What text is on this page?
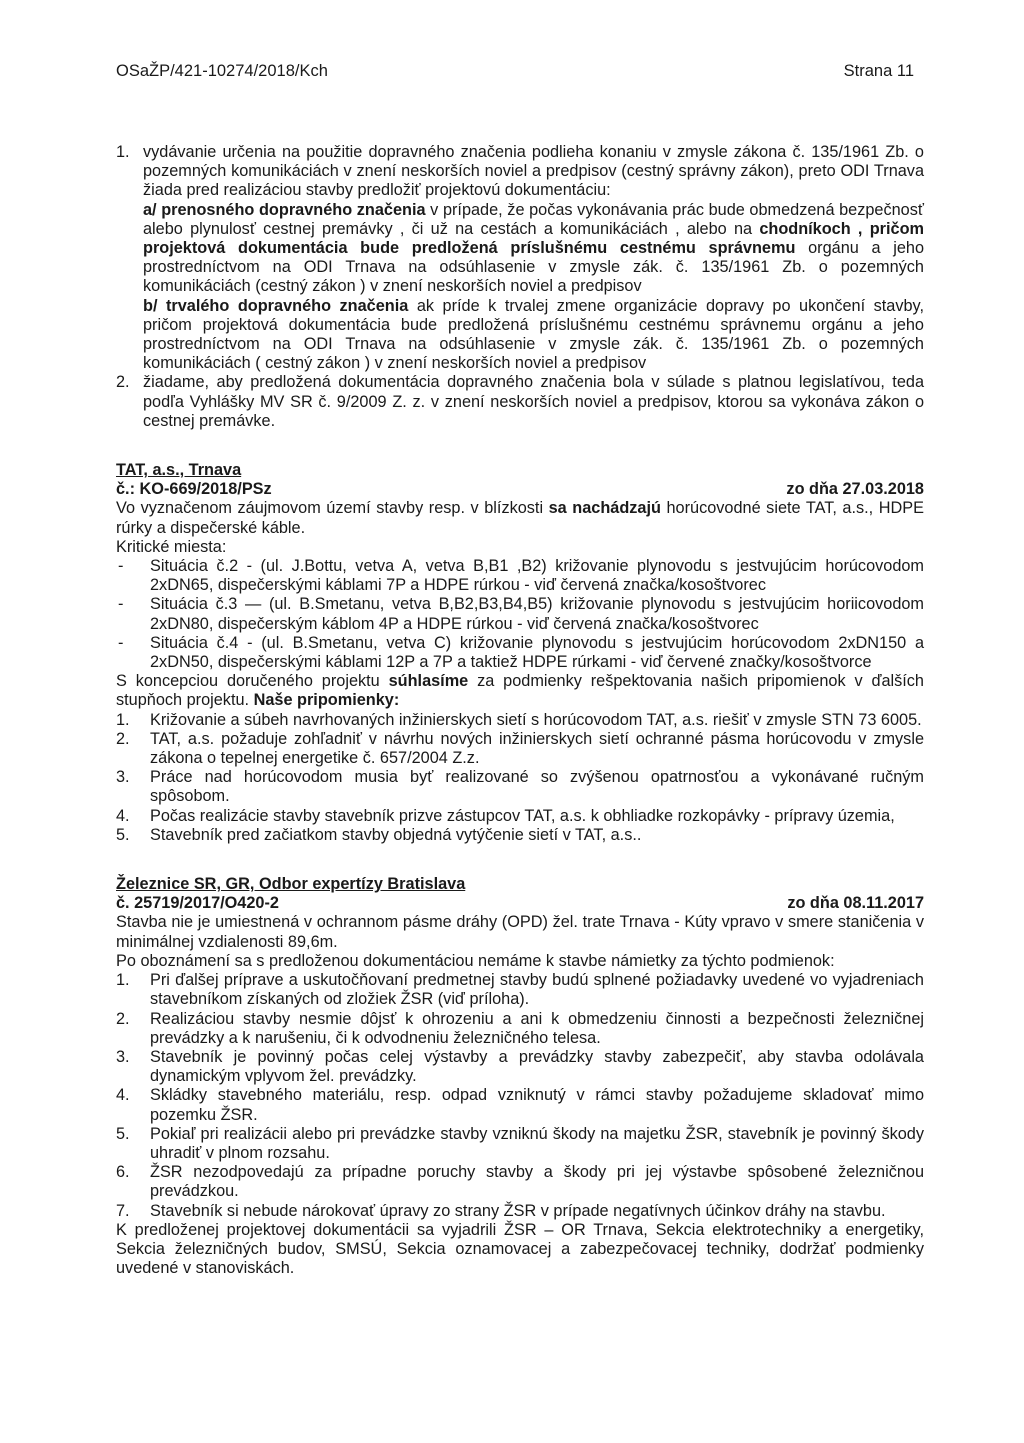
OSaŽP/421-10274/2018/Kch	Strana 11
1. vydávanie určenia na použitie dopravného značenia podlieha konaniu v zmysle zákona č. 135/1961 Zb. o pozemných komunikáciách v znení neskorších noviel a predpisov (cestný správny zákon), preto ODI Trnava žiada pred realizáciou stavby predložiť projektovú dokumentáciu:
a/ prenosného dopravného značenia v prípade, že počas vykonávania prác bude obmedzená bezpečnosť alebo plynulosť cestnej premávky , či už na cestách a komunikáciách , alebo na chodníkoch , pričom projektová dokumentácia bude predložená príslušnému cestnému správnemu orgánu a jeho prostredníctvom na ODI Trnava na odsúhlasenie v zmysle zák. č. 135/1961 Zb. o pozemných komunikáciách (cestný zákon ) v znení neskorších noviel a predpisov
b/ trvalého dopravného značenia ak príde k trvalej zmene organizácie dopravy po ukončení stavby, pričom projektová dokumentácia bude predložená príslušnému cestnému správnemu orgánu a jeho prostredníctvom na ODI Trnava na odsúhlasenie v zmysle zák. č. 135/1961 Zb. o pozemných komunikáciách ( cestný zákon ) v znení neskorších noviel a predpisov
2. žiadame, aby predložená dokumentácia dopravného značenia bola v súlade s platnou legislatívou, teda podľa Vyhlášky MV SR č. 9/2009 Z. z. v znení neskorších noviel a predpisov, ktorou sa vykonáva zákon o cestnej premávke.
TAT, a.s., Trnava
č.: KO-669/2018/PSz	zo dňa 27.03.2018
Vo vyznačenom záujmovom území stavby resp. v blízkosti sa nachádzajú horúcovodné siete TAT, a.s., HDPE rúrky a dispečerské káble.
Kritické miesta:
- Situácia č.2 - (ul. J.Bottu, vetva A, vetva B,B1 ,B2) križovanie plynovodu s jestvujúcim horúcovodom 2xDN65, dispečerskými káblami 7P a HDPE rúrkou - viď červená značka/kosoštvorec
- Situácia č.3 — (ul. B.Smetanu, vetva B,B2,B3,B4,B5) križovanie plynovodu s jestvujúcim horiicovodom 2xDN80, dispečerským káblom 4P a HDPE rúrkou - viď červená značka/kosoštvorec
- Situácia č.4 - (ul. B.Smetanu, vetva C) križovanie plynovodu s jestvujúcim horúcovodom 2xDN150 a 2xDN50, dispečerskými káblami 12P a 7P a taktiež HDPE rúrkami - viď červené značky/kosoštvorce
S koncepciou doručeného projektu súhlasíme za podmienky rešpektovania našich pripomienok v ďalších stupňoch projektu. Naše pripomienky:
1. Križovanie a súbeh navrhovaných inžinierskych sietí s horúcovodom TAT, a.s. riešiť v zmysle STN 73 6005.
2. TAT, a.s. požaduje zohľadniť v návrhu nových inžinierskych sietí ochranné pásma horúcovodu v zmysle zákona o tepelnej energetike č. 657/2004 Z.z.
3. Práce nad horúcovodom musia byť realizované so zvýšenou opatrnosťou a vykonávané ručným spôsobom.
4. Počas realizácie stavby stavebník prizve zástupcov TAT, a.s. k obhliadke rozkopávky - prípravy územia,
5. Stavebník pred začiatkom stavby objedná vytýčenie sietí v TAT, a.s..
Železnice SR, GR, Odbor expertízy Bratislava
č. 25719/2017/O420-2	zo dňa 08.11.2017
Stavba nie je umiestnená v ochrannom pásme dráhy (OPD) žel. trate Trnava - Kúty vpravo v smere staničenia v minimálnej vzdialenosti 89,6m.
Po oboznámení sa s predloženou dokumentáciou nemáme k stavbe námietky za týchto podmienok:
1. Pri ďalšej príprave a uskutočňovaní predmetnej stavby budú splnené požiadavky uvedené vo vyjadreniach stavebníkom získaných od zložiek ŽSR (viď príloha).
2. Realizáciou stavby nesmie dôjsť k ohrozeniu a ani k obmedzeniu činnosti a bezpečnosti železničnej prevádzky a k narušeniu, či k odvodneniu železničného telesa.
3. Stavebník je povinný počas celej výstavby a prevádzky stavby zabezpečiť, aby stavba odolávala dynamickým vplyvom žel. prevádzky.
4. Skládky stavebného materiálu, resp. odpad vzniknutý v rámci stavby požadujeme skladovať mimo pozemku ŽSR.
5. Pokiaľ pri realizácii alebo pri prevádzke stavby vzniknú škody na majetku ŽSR, stavebník je povinný škody uhradiť v plnom rozsahu.
6. ŽSR nezodpovedajú za prípadne poruchy stavby a škody pri jej výstavbe spôsobené železničnou prevádzkou.
7. Stavebník si nebude nárokovať úpravy zo strany ŽSR v prípade negatívnych účinkov dráhy na stavbu.
K predloženej projektovej dokumentácii sa vyjadrili ŽSR – OR Trnava, Sekcia elektrotechniky a energetiky, Sekcia železničných budov, SMSÚ, Sekcia oznamovacej a zabezpečovacej techniky, dodržať podmienky uvedené v stanoviskách.
